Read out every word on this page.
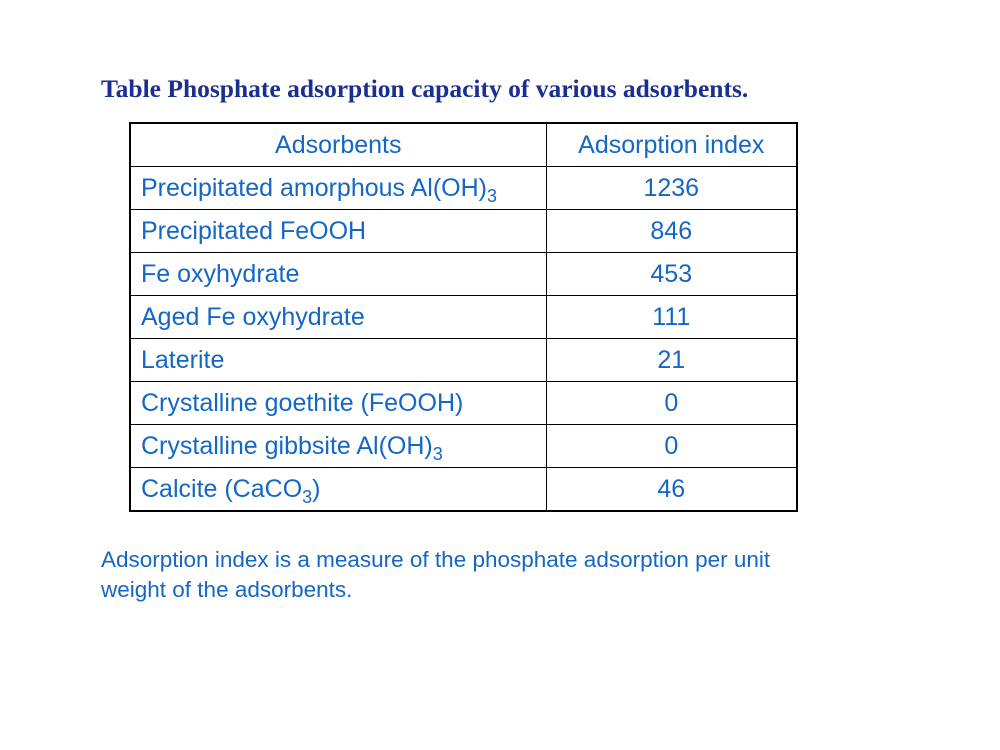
Table Phosphate adsorption capacity of various adsorbents.
Adsorbents	Adsorption index
Precipitated amorphous $Al(OH)_3$	1236
Precipitated FeOOH	846
Fe oxyhydrate	453
Aged Fe oxyhydrate	111
Laterite	21
Crystalline goethite (FeOOH)	0
Crystalline gibbsite $Al(OH)_3$	0
Calcite (CaCO$_3$)	46

Adsorption index is a measure of the phosphate adsorption per unit
weight of the adsorbents.
